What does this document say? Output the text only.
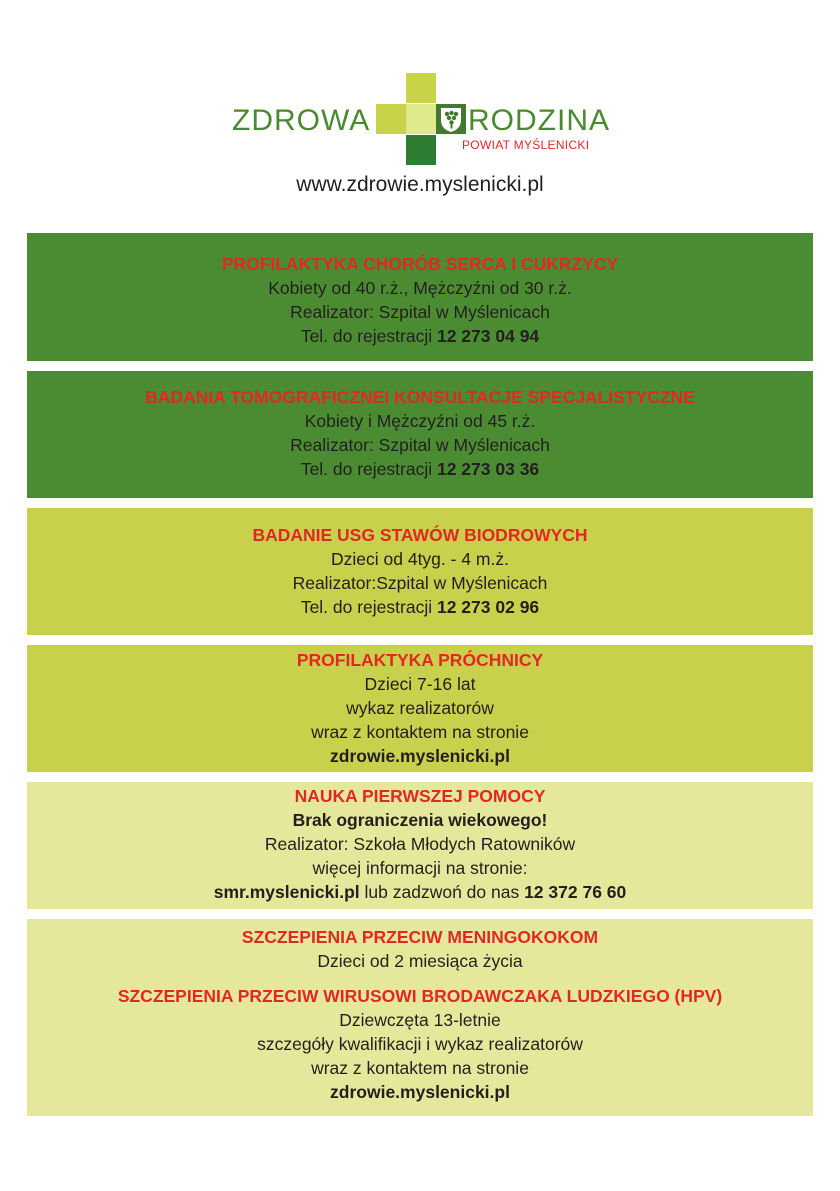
ZDROWA	RODZINA
POWIAT MYŚLENICKI
www.zdrowie.myslenicki.pl
PROFILAKTYKA CHORÓB SERCA I CUKRZYCY
Kobiety od 40 r.ż., Mężczyźni od 30 r.ż.
Realizator: Szpital w Myślenicach
Tel. do rejestracji 12 273 04 94
BADANIA TOMOGRAFICZNEI KONSULTACJE SPECJALISTYCZNE
Kobiety i Mężczyźni od 45 r.ż.
Realizator: Szpital w Myślenicach
Tel. do rejestracji 12 273 03 36
BADANIE USG STAWÓW BIODROWYCH
Dzieci od 4tyg. - 4 m.ż.
Realizator:Szpital w Myślenicach
Tel. do rejestracji 12 273 02 96
PROFILAKTYKA PRÓCHNICY
Dzieci 7-16 lat
wykaz realizatorów
wraz z kontaktem na stronie
zdrowie.myslenicki.pl
NAUKA PIERWSZEJ POMOCY
Brak ograniczenia wiekowego!
Realizator: Szkoła Młodych Ratowników
więcej informacji na stronie:
smr.myslenicki.pl lub zadzwoń do nas 12 372 76 60
SZCZEPIENIA PRZECIW MENINGOKOKOM
Dzieci od 2 miesiąca życia
SZCZEPIENIA PRZECIW WIRUSOWI BRODAWCZAKA LUDZKIEGO (HPV)
Dziewczęta 13-letnie
szczegóły kwalifikacji i wykaz realizatorów
wraz z kontaktem na stronie
zdrowie.myslenicki.pl
